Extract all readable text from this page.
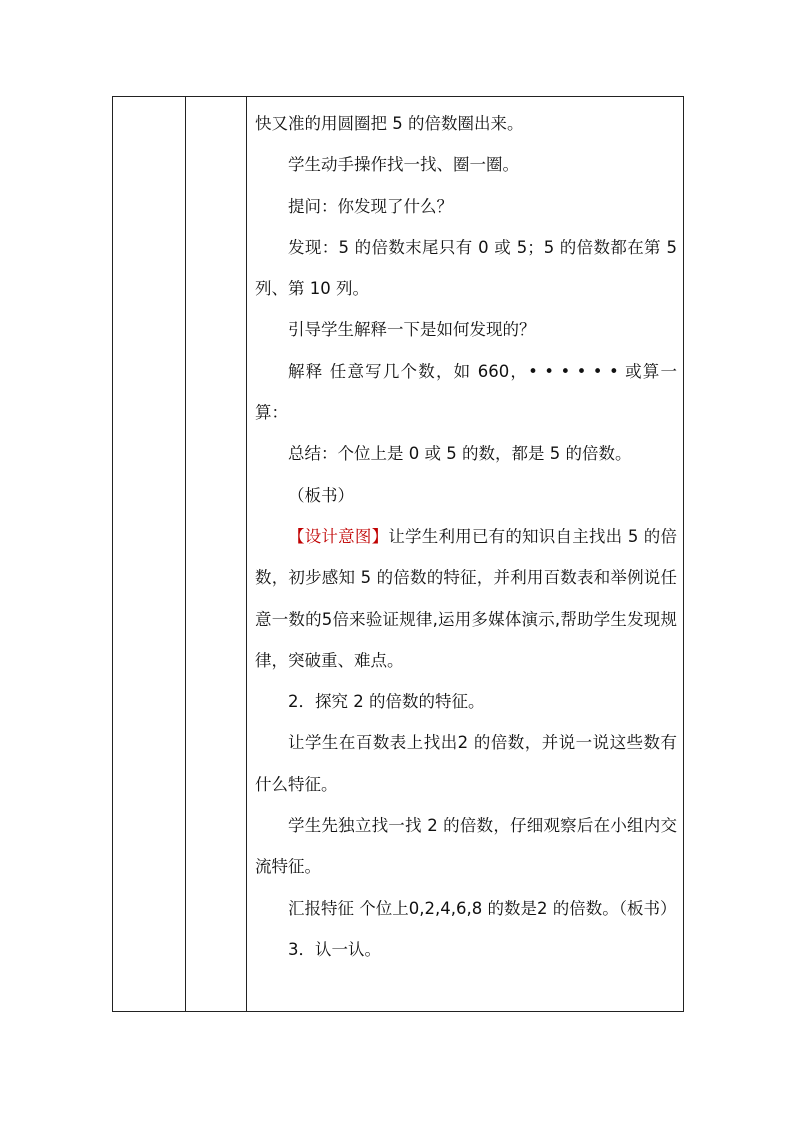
快又准的用圆圈把 5 的倍数圈出来。

学生动手操作找一找、圈一圈。

提问：你发现了什么？

发现：5 的倍数末尾只有 0 或 5；5 的倍数都在第 5 列、第 10 列。

引导学生解释一下是如何发现的？

解释 任意写几个数，如 660，• • • • • • 或算一算：

总结：个位上是 0 或 5 的数，都是 5 的倍数。

（板书）

【设计意图】让学生利用已有的知识自主找出 5 的倍数，初步感知 5 的倍数的特征，并利用百数表和举例说任意一数的5倍来验证规律,运用多媒体演示,帮助学生发现规律，突破重、难点。

2．探究 2 的倍数的特征。

让学生在百数表上找出2 的倍数，并说一说这些数有什么特征。

学生先独立找一找 2 的倍数，仔细观察后在小组内交流特征。

汇报特征 个位上0,2,4,6,8 的数是2 的倍数。（板书）

3．认一认。
